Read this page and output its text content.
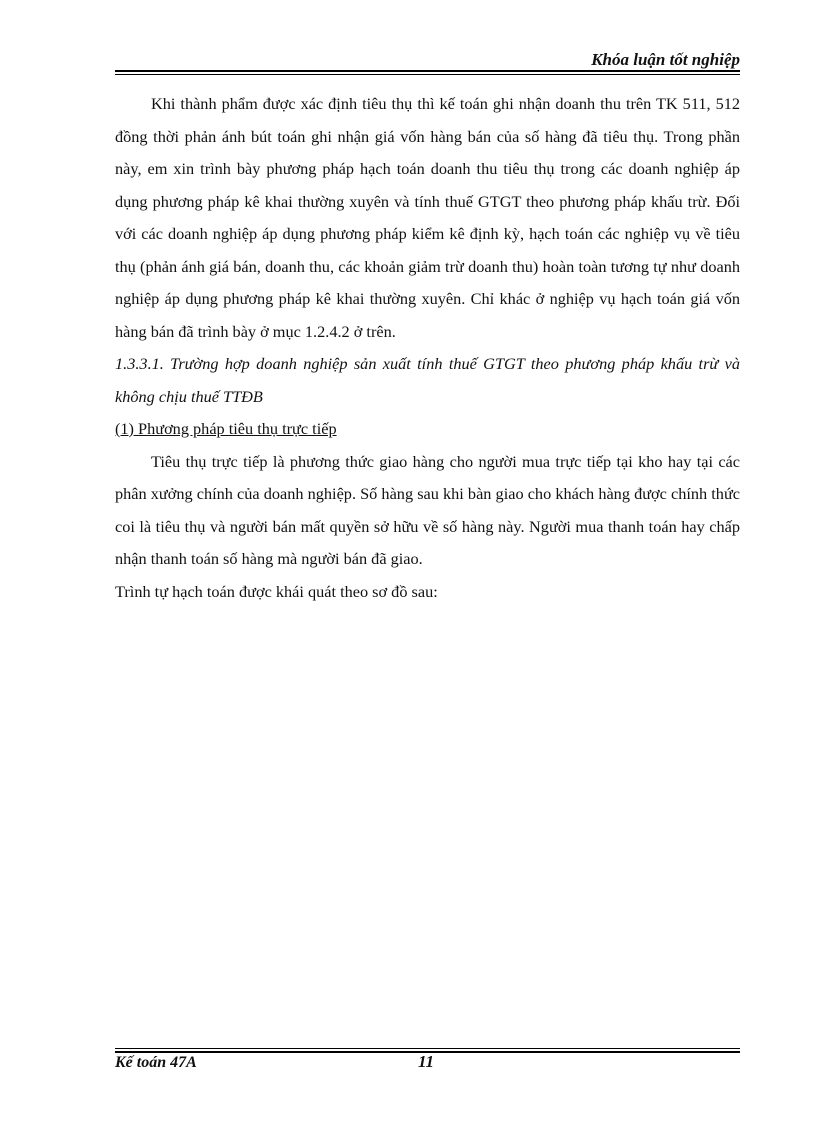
Khóa luận tốt nghiệp

Khi thành phẩm được xác định tiêu thụ thì kế toán ghi nhận doanh thu trên TK 511, 512 đồng thời phản ánh bút toán ghi nhận giá vốn hàng bán của số hàng đã tiêu thụ. Trong phần này, em xin trình bày phương pháp hạch toán doanh thu tiêu thụ trong các doanh nghiệp áp dụng phương pháp kê khai thường xuyên và tính thuế GTGT theo phương pháp khấu trừ. Đối với các doanh nghiệp áp dụng phương pháp kiểm kê định kỳ, hạch toán các nghiệp vụ về tiêu thụ (phản ánh giá bán, doanh thu, các khoản giảm trừ doanh thu) hoàn toàn tương tự như doanh nghiệp áp dụng phương pháp kê khai thường xuyên. Chỉ khác ở nghiệp vụ hạch toán giá vốn hàng bán đã trình bày ở mục 1.2.4.2 ở trên.

1.3.3.1. Trường hợp doanh nghiệp sản xuất tính thuế GTGT theo phương pháp khấu trừ và không chịu thuế TTĐB

(1) Phương pháp tiêu thụ trực tiếp

Tiêu thụ trực tiếp là phương thức giao hàng cho người mua trực tiếp tại kho hay tại các phân xưởng chính của doanh nghiệp. Số hàng sau khi bàn giao cho khách hàng được chính thức coi là tiêu thụ và người bán mất quyền sở hữu về số hàng này. Người mua thanh toán hay chấp nhận thanh toán số hàng mà người bán đã giao.

Trình tự hạch toán được khái quát theo sơ đồ sau:

Kế toán 47A	11
